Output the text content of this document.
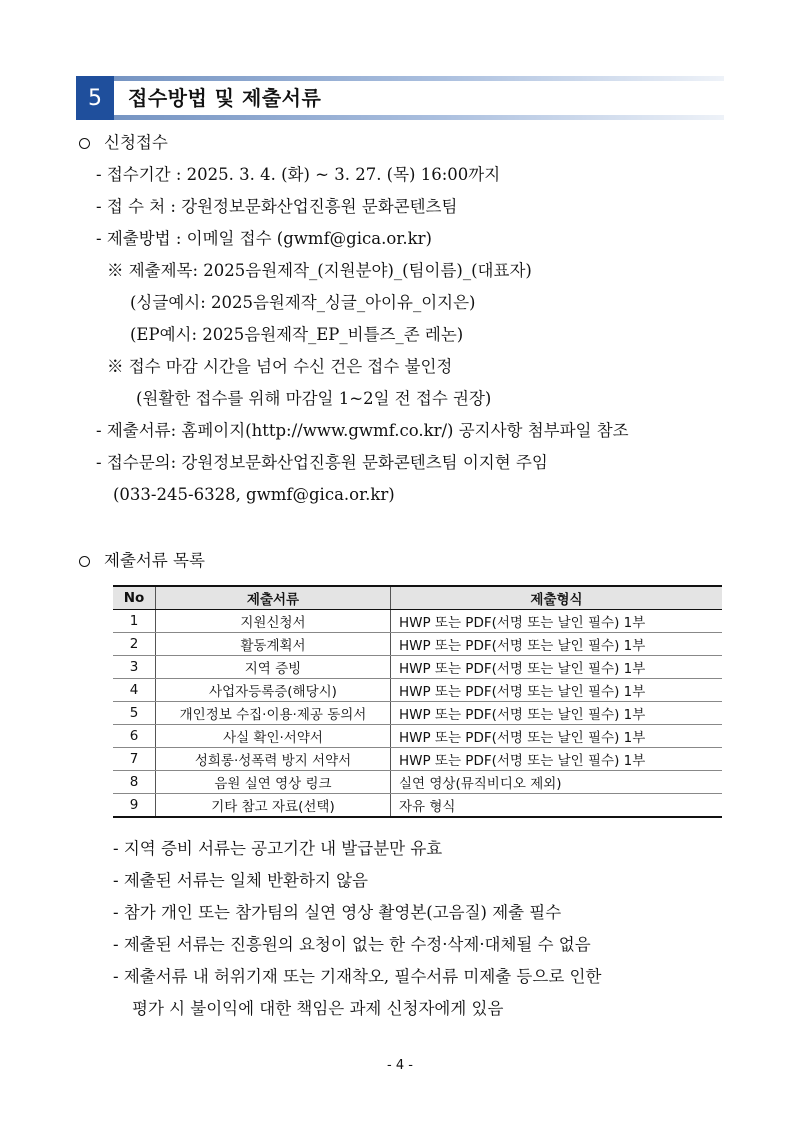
5	접수방법 및 제출서류
신청접수
- 접수기간 : 2025. 3. 4. (화) ~ 3. 27. (목) 16:00까지
- 접 수 처 : 강원정보문화산업진흥원 문화콘텐츠팀
- 제출방법 : 이메일 접수 (gwmf@gica.or.kr)
※ 제출제목: 2025음원제작_(지원분야)_(팀이름)_(대표자)
(싱글예시: 2025음원제작_싱글_아이유_이지은)
(EP예시: 2025음원제작_EP_비틀즈_존 레논)
※ 접수 마감 시간을 넘어 수신 건은 접수 불인정
(원활한 접수를 위해 마감일 1~2일 전 접수 권장)
- 제출서류: 홈페이지(http://www.gwmf.co.kr/) 공지사항 첨부파일 참조
- 접수문의: 강원정보문화산업진흥원 문화콘텐츠팀 이지현 주임
(033-245-6328, gwmf@gica.or.kr)
제출서류 목록
No	제출서류	제출형식
1	지원신청서	HWP 또는 PDF(서명 또는 날인 필수) 1부
2	활동계획서	HWP 또는 PDF(서명 또는 날인 필수) 1부
3	지역 증빙	HWP 또는 PDF(서명 또는 날인 필수) 1부
4	사업자등록증(해당시)	HWP 또는 PDF(서명 또는 날인 필수) 1부
5	개인정보 수집·이용·제공 동의서	HWP 또는 PDF(서명 또는 날인 필수) 1부
6	사실 확인·서약서	HWP 또는 PDF(서명 또는 날인 필수) 1부
7	성희롱·성폭력 방지 서약서	HWP 또는 PDF(서명 또는 날인 필수) 1부
8	음원 실연 영상 링크	실연 영상(뮤직비디오 제외)
9	기타 참고 자료(선택)	자유 형식
- 지역 증비 서류는 공고기간 내 발급분만 유효
- 제출된 서류는 일체 반환하지 않음
- 참가 개인 또는 참가팀의 실연 영상 촬영본(고음질) 제출 필수
- 제출된 서류는 진흥원의 요청이 없는 한 수정·삭제·대체될 수 없음
- 제출서류 내 허위기재 또는 기재착오, 필수서류 미제출 등으로 인한
평가 시 불이익에 대한 책임은 과제 신청자에게 있음
- 4 -
